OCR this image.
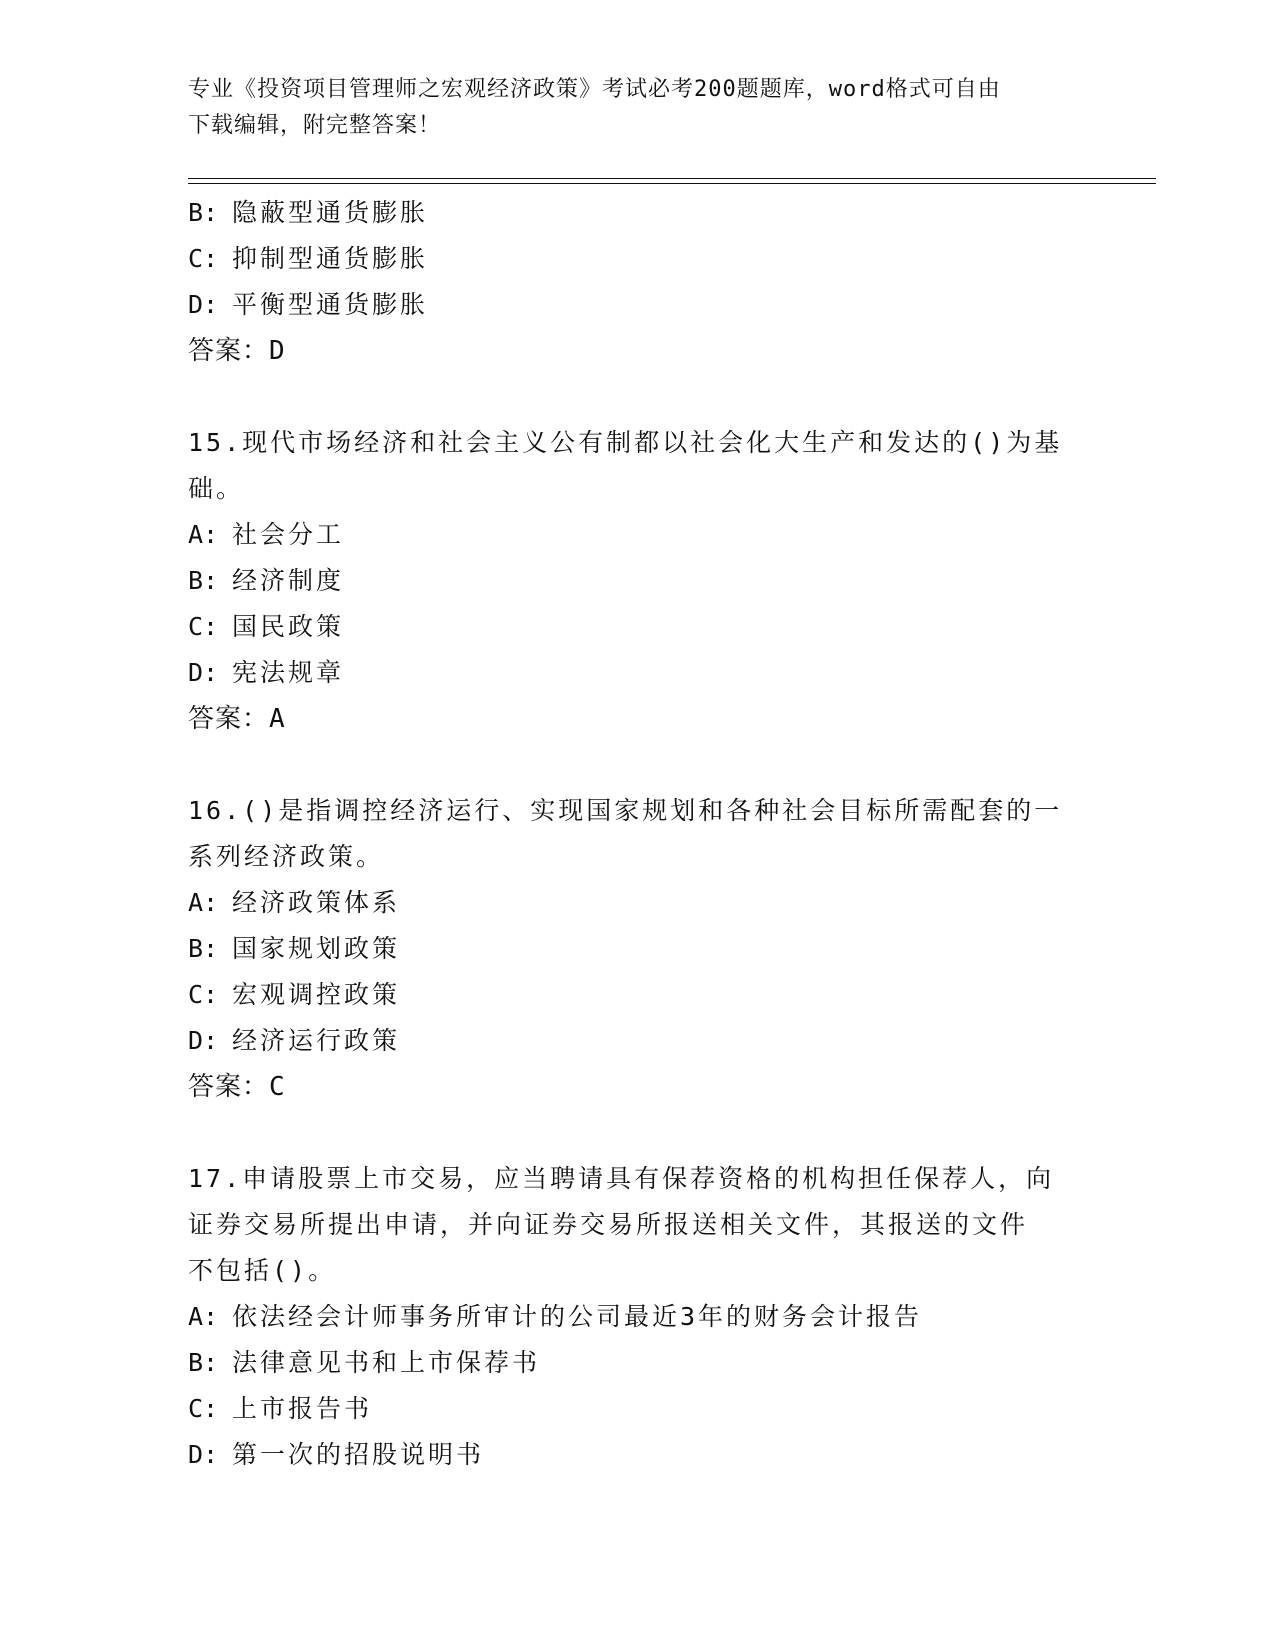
专业《投资项目管理师之宏观经济政策》考试必考200题题库，word格式可自由
下载编辑，附完整答案！
B: 隐蔽型通货膨胀
C: 抑制型通货膨胀
D: 平衡型通货膨胀
答案：D
15.现代市场经济和社会主义公有制都以社会化大生产和发达的()为基
础。
A: 社会分工
B: 经济制度
C: 国民政策
D: 宪法规章
答案：A
16.()是指调控经济运行、实现国家规划和各种社会目标所需配套的一
系列经济政策。
A: 经济政策体系
B: 国家规划政策
C: 宏观调控政策
D: 经济运行政策
答案：C
17.申请股票上市交易，应当聘请具有保荐资格的机构担任保荐人，向
证券交易所提出申请，并向证券交易所报送相关文件，其报送的文件
不包括()。
A: 依法经会计师事务所审计的公司最近3年的财务会计报告
B: 法律意见书和上市保荐书
C: 上市报告书
D: 第一次的招股说明书
